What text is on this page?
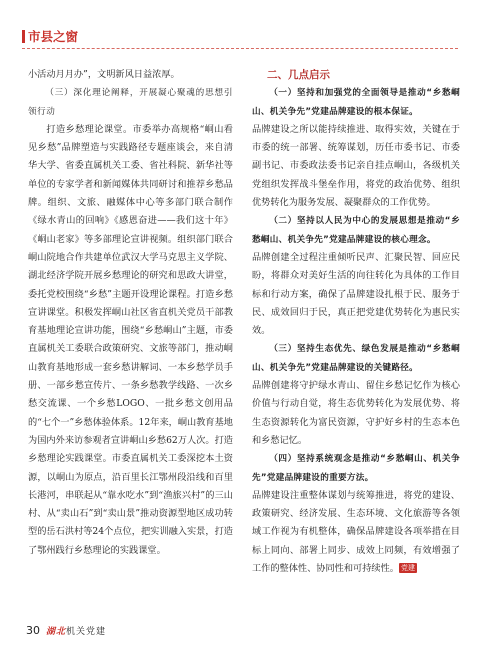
市县之窗

小活动月月办”，文明新风日益浓厚。

（三）深化理论阐释，开展凝心聚魂的思想引领行动

打造乡愁理论课堂。市委举办高规格“峒山看见乡愁”品牌塑造与实践路径专题座谈会，来自清华大学、省委直属机关工委、省社科院、新华社等单位的专家学者和新闻媒体共同研讨和推荐乡愁品牌。组织、文旅、融媒体中心等多部门联合制作《绿水青山的回响》《感恩奋进——我们这十年》《峒山老家》等多部理论宣讲视频。组织部门联合峒山院地合作共建单位武汉大学马克思主义学院、湖北经济学院开展乡愁理论的研究和思政大讲堂，委托党校围绕“乡愁”主题开设理论课程。打造乡愁宣讲课堂。积极发挥峒山社区省直机关党员干部教育基地理论宣讲功能，围绕“乡愁峒山”主题，市委直属机关工委联合政策研究、文旅等部门，推动峒山教育基地形成一套乡愁讲解词、一本乡愁学员手册、一部乡愁宣传片、一条乡愁教学线路、一次乡愁交流课、一个乡愁LOGO、一批乡愁文创用品的“七个一”乡愁体验体系。12年来，峒山教育基地为国内外来访参观者宣讲峒山乡愁62万人次。打造乡愁理论实践课堂。市委直属机关工委深挖本土资源，以峒山为原点，沿百里长江鄂州段沿线和百里长港河，串联起从“靠水吃水”到“渔旅兴村”的三山村、从“卖山石”到“卖山景”推动资源型地区成功转型的岳石洪村等24个点位，把实训融入实景，打造了鄂州践行乡愁理论的实践课堂。

二、几点启示

（一）坚持和加强党的全面领导是推动“乡愁峒山、机关争先”党建品牌建设的根本保证。

品牌建设之所以能持续推进、取得实效，关键在于市委的统一部署、统筹谋划，历任市委书记、市委副书记、市委政法委书记亲自挂点峒山，各级机关党组织发挥战斗堡垒作用，将党的政治优势、组织优势转化为服务发展、凝聚群众的工作优势。

（二）坚持以人民为中心的发展思想是推动“乡愁峒山、机关争先”党建品牌建设的核心理念。

品牌创建全过程注重倾听民声、汇聚民智、回应民盼，将群众对美好生活的向往转化为具体的工作目标和行动方案，确保了品牌建设扎根于民、服务于民、成效回归于民，真正把党建优势转化为惠民实效。

（三）坚持生态优先、绿色发展是推动“乡愁峒山、机关争先”党建品牌建设的关键路径。

品牌创建将守护绿水青山、留住乡愁记忆作为核心价值与行动自觉，将生态优势转化为发展优势、将生态资源转化为富民资源，守护好乡村的生态本色和乡愁记忆。

（四）坚持系统观念是推动“乡愁峒山、机关争先”党建品牌建设的重要方法。

品牌建设注重整体谋划与统筹推进，将党的建设、政策研究、经济发展、生态环境、文化旅游等各领域工作视为有机整体，确保品牌建设各项举措在目标上同向、部署上同步、成效上同频，有效增强了工作的整体性、协同性和可持续性。 党建

30 湖北机关党建
